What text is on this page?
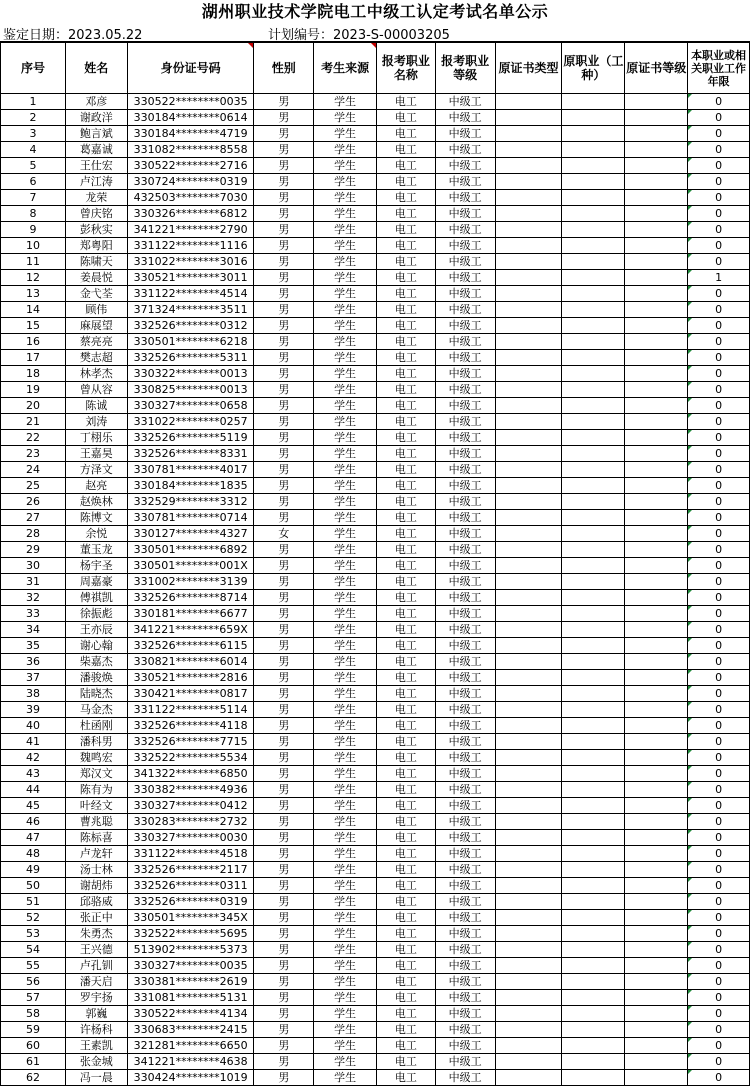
湖州职业技术学院电工中级工认定考试名单公示
鉴定日期：2023.05.22	计划编号：2023-S-00003205
序号	姓名	身份证号码	性别	考生来源	报考职业名称	报考职业等级	原证书类型	原职业（工种）	原证书等级	本职业或相关职业工作年限
1	邓彦	330522********0035	男	学生	电工	中级工				0
2	谢政洋	330184********0614	男	学生	电工	中级工				0
3	鲍言斌	330184********4719	男	学生	电工	中级工				0
4	葛嘉诚	331082********8558	男	学生	电工	中级工				0
5	王仕宏	330522********2716	男	学生	电工	中级工				0
6	卢江涛	330724********0319	男	学生	电工	中级工				0
7	龙荣	432503********7030	男	学生	电工	中级工				0
8	曾庆铭	330326********6812	男	学生	电工	中级工				0
9	彭秋实	341221********2790	男	学生	电工	中级工				0
10	郑粤阳	331122********1116	男	学生	电工	中级工				0
11	陈啸天	331022********3016	男	学生	电工	中级工				0
12	姜晨悦	330521********3011	男	学生	电工	中级工				1
13	金弋荃	331122********4514	男	学生	电工	中级工				0
14	顾伟	371324********3511	男	学生	电工	中级工				0
15	麻展望	332526********0312	男	学生	电工	中级工				0
16	蔡亮亮	330501********6218	男	学生	电工	中级工				0
17	樊志超	332526********5311	男	学生	电工	中级工				0
18	林孝杰	330322********0013	男	学生	电工	中级工				0
19	曾从容	330825********0013	男	学生	电工	中级工				0
20	陈诚	330327********0658	男	学生	电工	中级工				0
21	刘涛	331022********0257	男	学生	电工	中级工				0
22	丁栩乐	332526********5119	男	学生	电工	中级工				0
23	王嘉昊	332526********8331	男	学生	电工	中级工				0
24	方泽文	330781********4017	男	学生	电工	中级工				0
25	赵亮	330184********1835	男	学生	电工	中级工				0
26	赵焕林	332529********3312	男	学生	电工	中级工				0
27	陈博文	330781********0714	男	学生	电工	中级工				0
28	余悦	330127********4327	女	学生	电工	中级工				0
29	董玉龙	330501********6892	男	学生	电工	中级工				0
30	杨宇圣	330501********001X	男	学生	电工	中级工				0
31	周嘉豪	331002********3139	男	学生	电工	中级工				0
32	傅祺凯	332526********8714	男	学生	电工	中级工				0
33	徐振彪	330181********6677	男	学生	电工	中级工				0
34	王亦辰	341221********659X	男	学生	电工	中级工				0
35	谢心翰	332526********6115	男	学生	电工	中级工				0
36	柴嘉杰	330821********6014	男	学生	电工	中级工				0
37	潘骏焕	330521********2816	男	学生	电工	中级工				0
38	陆晓杰	330421********0817	男	学生	电工	中级工				0
39	马金杰	331122********5114	男	学生	电工	中级工				0
40	杜函刚	332526********4118	男	学生	电工	中级工				0
41	潘科男	332526********7715	男	学生	电工	中级工				0
42	魏鸣宏	332522********5534	男	学生	电工	中级工				0
43	郑汉文	341322********6850	男	学生	电工	中级工				0
44	陈有为	330382********4936	男	学生	电工	中级工				0
45	叶经文	330327********0412	男	学生	电工	中级工				0
46	曹兆聪	330283********2732	男	学生	电工	中级工				0
47	陈标喜	330327********0030	男	学生	电工	中级工				0
48	卢龙轩	331122********4518	男	学生	电工	中级工				0
49	汤士林	332526********2117	男	学生	电工	中级工				0
50	谢胡炜	332526********0311	男	学生	电工	中级工				0
51	邱骆威	332526********0319	男	学生	电工	中级工				0
52	张正中	330501********345X	男	学生	电工	中级工				0
53	朱勇杰	332522********5695	男	学生	电工	中级工				0
54	王兴德	513902********5373	男	学生	电工	中级工				0
55	卢孔钏	330327********0035	男	学生	电工	中级工				0
56	潘天启	330381********2619	男	学生	电工	中级工				0
57	罗宇扬	331081********5131	男	学生	电工	中级工				0
58	郭巍	330522********4134	男	学生	电工	中级工				0
59	许杨科	330683********2415	男	学生	电工	中级工				0
60	王素凯	321281********6650	男	学生	电工	中级工				0
61	张金城	341221********4638	男	学生	电工	中级工				0
62	冯一晨	330424********1019	男	学生	电工	中级工				0
